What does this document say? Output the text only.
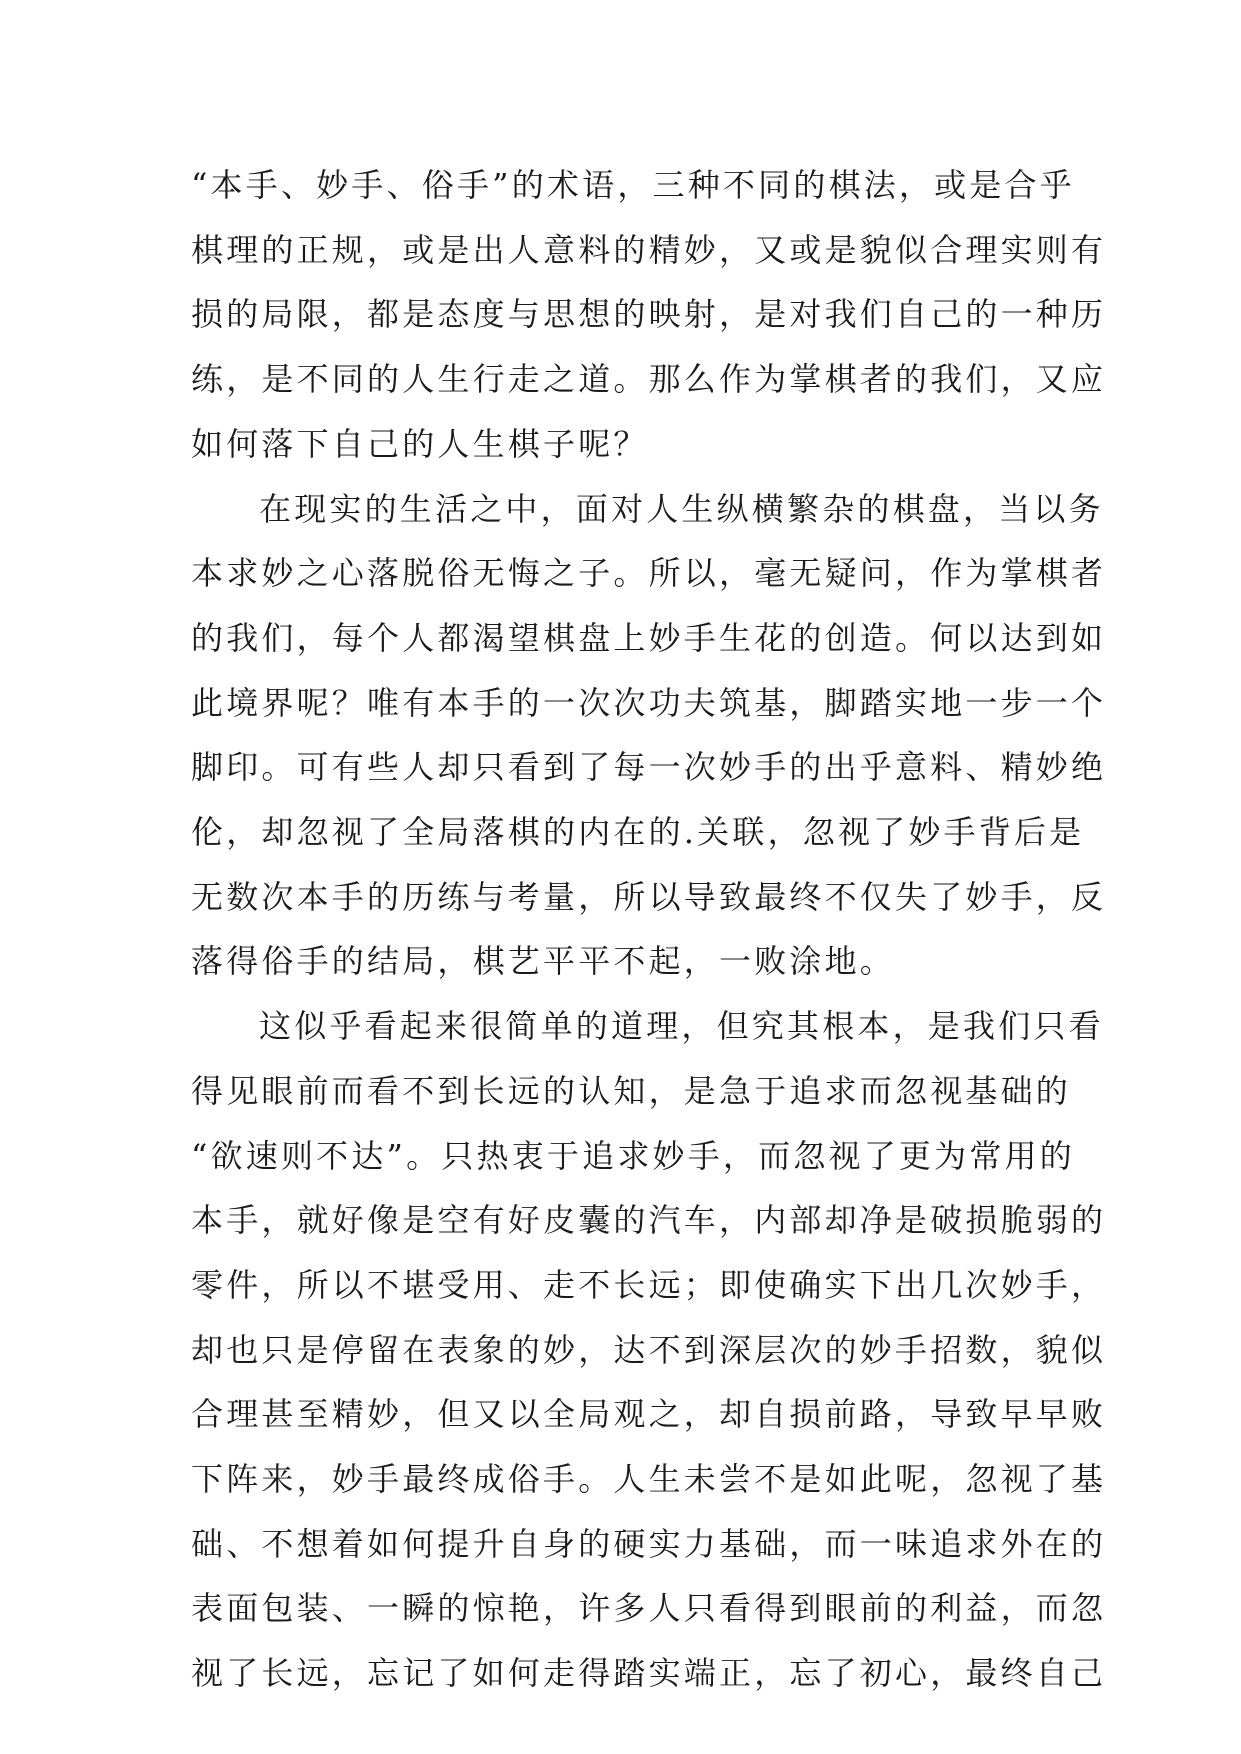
“本手、妙手、俗手”的术语，三种不同的棋法，或是合乎
棋理的正规，或是出人意料的精妙，又或是貌似合理实则有
损的局限，都是态度与思想的映射，是对我们自己的一种历
练，是不同的人生行走之道。那么作为掌棋者的我们，又应
如何落下自己的人生棋子呢？
在现实的生活之中，面对人生纵横繁杂的棋盘，当以务
本求妙之心落脱俗无悔之子。所以，毫无疑问，作为掌棋者
的我们，每个人都渴望棋盘上妙手生花的创造。何以达到如
此境界呢？唯有本手的一次次功夫筑基，脚踏实地一步一个
脚印。可有些人却只看到了每一次妙手的出乎意料、精妙绝
伦，却忽视了全局落棋的内在的.关联，忽视了妙手背后是
无数次本手的历练与考量，所以导致最终不仅失了妙手，反
落得俗手的结局，棋艺平平不起，一败涂地。
这似乎看起来很简单的道理，但究其根本，是我们只看
得见眼前而看不到长远的认知，是急于追求而忽视基础的
“欲速则不达”。只热衷于追求妙手，而忽视了更为常用的
本手，就好像是空有好皮囊的汽车，内部却净是破损脆弱的
零件，所以不堪受用、走不长远；即使确实下出几次妙手，
却也只是停留在表象的妙，达不到深层次的妙手招数，貌似
合理甚至精妙，但又以全局观之，却自损前路，导致早早败
下阵来，妙手最终成俗手。人生未尝不是如此呢，忽视了基
础、不想着如何提升自身的硬实力基础，而一味追求外在的
表面包装、一瞬的惊艳，许多人只看得到眼前的利益，而忽
视了长远，忘记了如何走得踏实端正，忘了初心，最终自己
